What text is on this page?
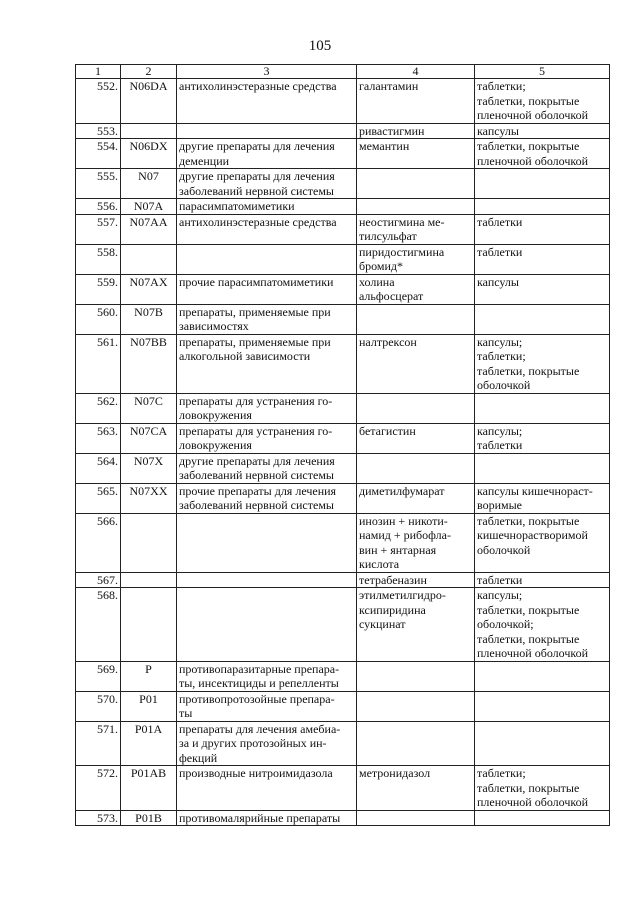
105
1	2	3	4	5
552.	N06DA	антихолинэстеразные средства	галантамин	таблетки;
таблетки, покрытые
пленочной оболочкой

553.			ривастигмин	капсулы

554.	N06DX	другие препараты для лечения
деменции	мемантин	таблетки, покрытые
пленочной оболочкой

555.	N07	другие препараты для лечения
заболеваний нервной системы		

556.	N07A	парасимпатомиметики		

557.	N07AA	антихолинэстеразные средства	неостигмина ме-
тилсульфат	таблетки

558.			пиридостигмина
бромид*	таблетки

559.	N07AX	прочие парасимпатомиметики	холина
альфосцерат	капсулы

560.	N07B	препараты, применяемые при
зависимостях		

561.	N07BB	препараты, применяемые при
алкогольной зависимости	налтрексон	капсулы;
таблетки;
таблетки, покрытые
оболочкой

562.	N07C	препараты для устранения го-
ловокружения		

563.	N07CA	препараты для устранения го-
ловокружения	бетагистин	капсулы;
таблетки

564.	N07X	другие препараты для лечения
заболеваний нервной системы		

565.	N07XX	прочие препараты для лечения
заболеваний нервной системы	диметилфумарат	капсулы кишечнораст-
воримые

566.			инозин + никоти-
намид + рибофла-
вин + янтарная
кислота	таблетки, покрытые
кишечнорастворимой
оболочкой

567.			тетрабеназин	таблетки

568.			этилметилгидро-
ксипиридина
сукцинат	капсулы;
таблетки, покрытые
оболочкой;
таблетки, покрытые
пленочной оболочкой

569.	P	противопаразитарные препара-
ты, инсектициды и репелленты		

570.	P01	противопротозойные препара-
ты		

571.	P01A	препараты для лечения амебиа-
за и других протозойных ин-
фекций		

572.	P01AB	производные нитроимидазола	метронидазол	таблетки;
таблетки, покрытые
пленочной оболочкой

573.	P01B	противомалярийные препараты		
